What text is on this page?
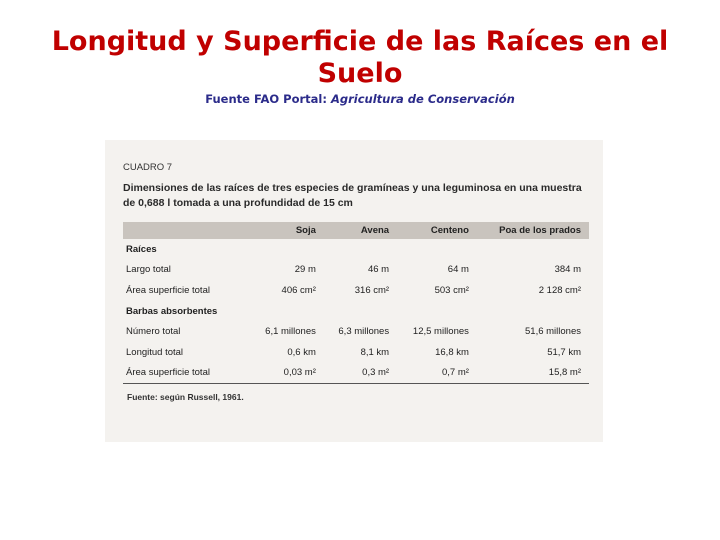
Longitud y Superficie de las Raíces en el Suelo
Fuente FAO Portal: Agricultura de Conservación
CUADRO 7
Dimensiones de las raíces de tres especies de gramíneas y una leguminosa en una muestra de 0,688 l tomada a una profundidad de 15 cm
	Soja	Avena	Centeno	Poa de los prados
Raíces				
Largo total	29 m	46 m	64 m	384 m
Área superficie total	406 cm²	316 cm²	503 cm²	2 128 cm²
Barbas absorbentes				
Número total	6,1 millones	6,3 millones	12,5 millones	51,6 millones
Longitud total	0,6 km	8,1 km	16,8 km	51,7 km
Área superficie total	0,03 m²	0,3 m²	0,7 m²	15,8 m²
Fuente: según Russell, 1961.
